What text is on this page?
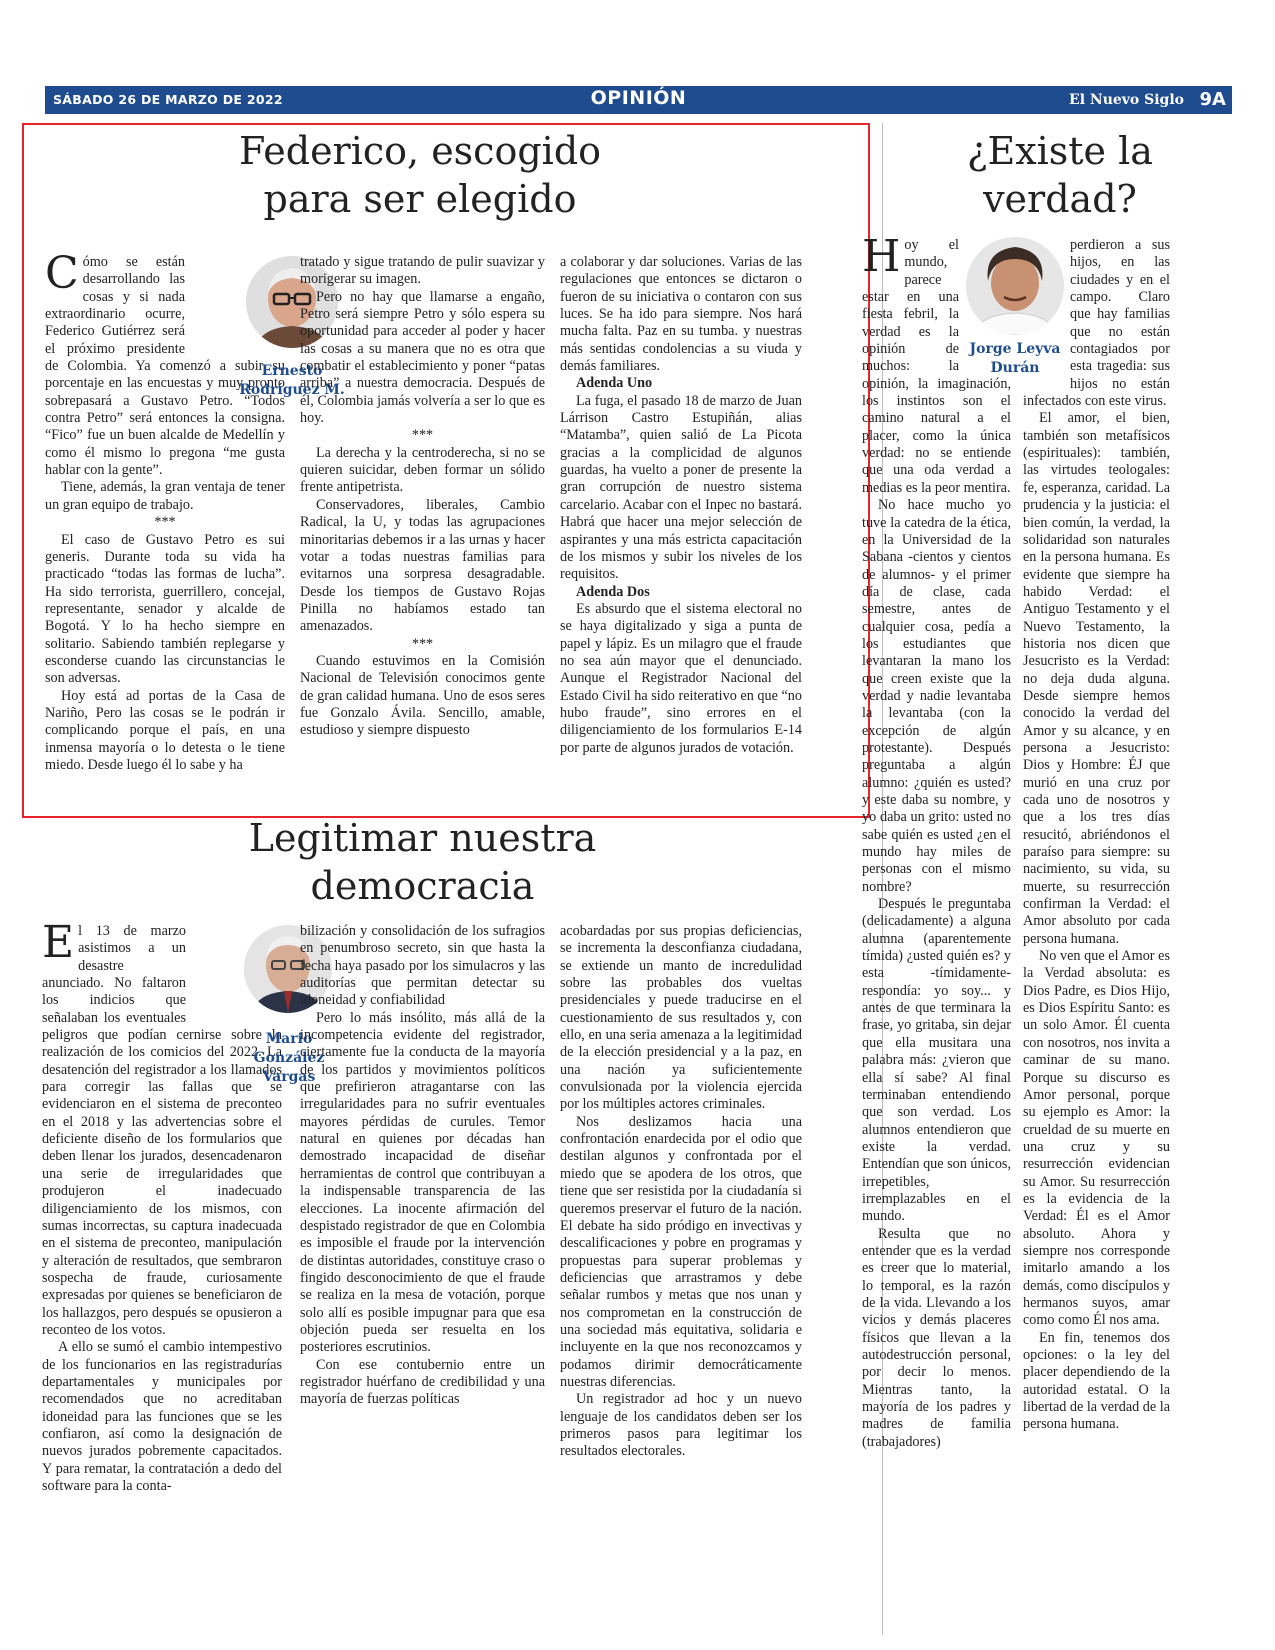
SÁBADO 26 DE MARZO DE 2022	OPINIÓN	El Nuevo Siglo 9A
Federico, escogido para ser elegido

Cómo se están desarrollando las cosas y si nada extraordinario ocurre, Federico Gutiérrez será el próximo presidente de Colombia. Ya comenzó a subir su porcentaje en las encuestas y muy pronto sobrepasará a Gustavo Petro. “Todos contra Petro” será entonces la consigna. “Fico” fue un buen alcalde de Medellín y como él mismo lo pregona “me gusta hablar con la gente”.

Tiene, además, la gran ventaja de tener un gran equipo de trabajo.

***

El caso de Gustavo Petro es sui generis. Durante toda su vida ha practicado “todas las formas de lucha”. Ha sido terrorista, guerrillero, concejal, representante, senador y alcalde de Bogotá. Y lo ha hecho siempre en solitario. Sabiendo también replegarse y esconderse cuando las circunstancias le son adversas.

Hoy está ad portas de la Casa de Nariño, Pero las cosas se le podrán ir complicando porque el país, en una inmensa mayoría o lo detesta o le tiene miedo. Desde luego él lo sabe y ha

Ernesto Rodríguez M.

tratado y sigue tratando de pulir suavizar y morigerar su imagen.

Pero no hay que llamarse a engaño, Petro será siempre Petro y sólo espera su oportunidad para acceder al poder y hacer las cosas a su manera que no es otra que combatir el establecimiento y poner “patas arriba” a nuestra democracia. Después de él, Colombia jamás volvería a ser lo que es hoy.

***

La derecha y la centroderecha, si no se quieren suicidar, deben formar un sólido frente antipetrista.

Conservadores, liberales, Cambio Radical, la U, y todas las agrupaciones minoritarias debemos ir a las urnas y hacer votar a todas nuestras familias para evitarnos una sorpresa desagradable. Desde los tiempos de Gustavo Rojas Pinilla no habíamos estado tan amenazados.

***

Cuando estuvimos en la Comisión Nacional de Televisión conocimos gente de gran calidad humana. Uno de esos seres fue Gonzalo Ávila. Sencillo, amable, estudioso y siempre dispuesto

a colaborar y dar soluciones. Varias de las regulaciones que entonces se dictaron o fueron de su iniciativa o contaron con sus luces. Se ha ido para siempre. Nos hará mucha falta. Paz en su tumba. y nuestras más sentidas condolencias a su viuda y demás familiares.

Adenda Uno

La fuga, el pasado 18 de marzo de Juan Lárrison Castro Estupiñán, alias “Matamba”, quien salió de La Picota gracias a la complicidad de algunos guardas, ha vuelto a poner de presente la gran corrupción de nuestro sistema carcelario. Acabar con el Inpec no bastará. Habrá que hacer una mejor selección de aspirantes y una más estricta capacitación de los mismos y subir los niveles de los requisitos.

Adenda Dos

Es absurdo que el sistema electoral no se haya digitalizado y siga a punta de papel y lápiz. Es un milagro que el fraude no sea aún mayor que el denunciado. Aunque el Registrador Nacional del Estado Civil ha sido reiterativo en que “no hubo fraude”, sino errores en el diligenciamiento de los formularios E-14 por parte de algunos jurados de votación.

Legitimar nuestra democracia

El 13 de marzo asistimos a un desastre anunciado. No faltaron los indicios que señalaban los eventuales peligros que podían cernirse sobre la realización de los comicios del 2022. La desatención del registrador a los llamados para corregir las fallas que se evidenciaron en el sistema de preconteo en el 2018 y las advertencias sobre el deficiente diseño de los formularios que deben llenar los jurados, desencadenaron una serie de irregularidades que produjeron el inadecuado diligenciamiento de los mismos, con sumas incorrectas, su captura inadecuada en el sistema de preconteo, manipulación y alteración de resultados, que sembraron sospecha de fraude, curiosamente expresadas por quienes se beneficiaron de los hallazgos, pero después se opusieron a reconteo de los votos.

A ello se sumó el cambio intempestivo de los funcionarios en las registradurías departamentales y municipales por recomendados que no acreditaban idoneidad para las funciones que se les confiaron, así como la designación de nuevos jurados pobremente capacitados. Y para rematar, la contratación a dedo del software para la conta-

Mario González Vargas

bilización y consolidación de los sufragios en penumbroso secreto, sin que hasta la fecha haya pasado por los simulacros y las auditorías que permitan detectar su idoneidad y confiabilidad

Pero lo más insólito, más allá de la incompetencia evidente del registrador, ciertamente fue la conducta de la mayoría de los partidos y movimientos políticos que prefirieron atragantarse con las irregularidades para no sufrir eventuales mayores pérdidas de curules. Temor natural en quienes por décadas han demostrado incapacidad de diseñar herramientas de control que contribuyan a la indispensable transparencia de las elecciones. La inocente afirmación del despistado registrador de que en Colombia es imposible el fraude por la intervención de distintas autoridades, constituye craso o fingido desconocimiento de que el fraude se realiza en la mesa de votación, porque solo allí es posible impugnar para que esa objeción pueda ser resuelta en los posteriores escrutinios.

Con ese contubernio entre un registrador huérfano de credibilidad y una mayoría de fuerzas políticas

acobardadas por sus propias deficiencias, se incrementa la desconfianza ciudadana, se extiende un manto de incredulidad sobre las probables dos vueltas presidenciales y puede traducirse en el cuestionamiento de sus resultados y, con ello, en una seria amenaza a la legitimidad de la elección presidencial y a la paz, en una nación ya suficientemente convulsionada por la violencia ejercida por los múltiples actores criminales.

Nos deslizamos hacia una confrontación enardecida por el odio que destilan algunos y confrontada por el miedo que se apodera de los otros, que tiene que ser resistida por la ciudadanía si queremos preservar el futuro de la nación. El debate ha sido pródigo en invectivas y descalificaciones y pobre en programas y propuestas para superar problemas y deficiencias que arrastramos y debe señalar rumbos y metas que nos unan y nos comprometan en la construcción de una sociedad más equitativa, solidaria e incluyente en la que nos reconozcamos y podamos dirimir democráticamente nuestras diferencias.

Un registrador ad hoc y un nuevo lenguaje de los candidatos deben ser los primeros pasos para legitimar los resultados electorales.

¿Existe la verdad?

Hoy el mundo, parece estar en una fiesta febril, la verdad es la opinión de muchos: la opinión, la imaginación, los instintos son el camino natural a el placer, como la única verdad: no se entiende que una oda verdad a medias es la peor mentira.

No hace mucho yo tuve la catedra de la ética, en la Universidad de la Sabana -cientos y cientos de alumnos- y el primer día de clase, cada semestre, antes de cualquier cosa, pedía a los estudiantes que levantaran la mano los que creen existe que la verdad y nadie levantaba la levantaba (con la excepción de algún protestante). Después preguntaba a algún alumno: ¿quién es usted? y este daba su nombre, y yo daba un grito: usted no sabe quién es usted ¿en el mundo hay miles de personas con el mismo nombre?

Después le preguntaba (delicadamente) a alguna alumna (aparentemente tímida) ¿usted quién es? y esta -tímidamente- respondía: yo soy... y antes de que terminara la frase, yo gritaba, sin dejar que ella musitara una palabra más: ¿vieron que ella sí sabe? Al final terminaban entendiendo que son verdad. Los alumnos entendieron que existe la verdad. Entendían que son únicos, irrepetibles, irremplazables en el mundo.

Resulta que no entender que es la verdad es creer que lo material, lo temporal, es la razón de la vida. Llevando a los vicios y demás placeres físicos que llevan a la autodestrucción personal, por decir lo menos. Mientras tanto, la mayoría de los padres y madres de familia (trabajadores)

Jorge Leyva Durán

perdieron a sus hijos, en las ciudades y en el campo. Claro que hay familias que no están contagiados por esta tragedia: sus hijos no están infectados con este virus.

El amor, el bien, también son metafísicos (espirituales): también, las virtudes teologales: fe, esperanza, caridad. La prudencia y la justicia: el bien común, la verdad, la solidaridad son naturales en la persona humana. Es evidente que siempre ha habido Verdad: el Antiguo Testamento y el Nuevo Testamento, la historia nos dicen que Jesucristo es la Verdad: no deja duda alguna. Desde siempre hemos conocido la verdad del Amor y su alcance, y en persona a Jesucristo: Dios y Hombre: ÉJ que murió en una cruz por cada uno de nosotros y que a los tres días resucitó, abriéndonos el paraíso para siempre: su nacimiento, su vida, su muerte, su resurrección confirman la Verdad: el Amor absoluto por cada persona humana.

No ven que el Amor es la Verdad absoluta: es Dios Padre, es Dios Hijo, es Dios Espíritu Santo: es un solo Amor. Él cuenta con nosotros, nos invita a caminar de su mano. Porque su discurso es Amor personal, porque su ejemplo es Amor: la crueldad de su muerte en una cruz y su resurrección evidencian su Amor. Su resurrección es la evidencia de la Verdad: Él es el Amor absoluto. Ahora y siempre nos corresponde imitarlo amando a los demás, como discípulos y hermanos suyos, amar como como Él nos ama.

En fin, tenemos dos opciones: o la ley del placer dependiendo de la autoridad estatal. O la libertad de la verdad de la persona humana.
